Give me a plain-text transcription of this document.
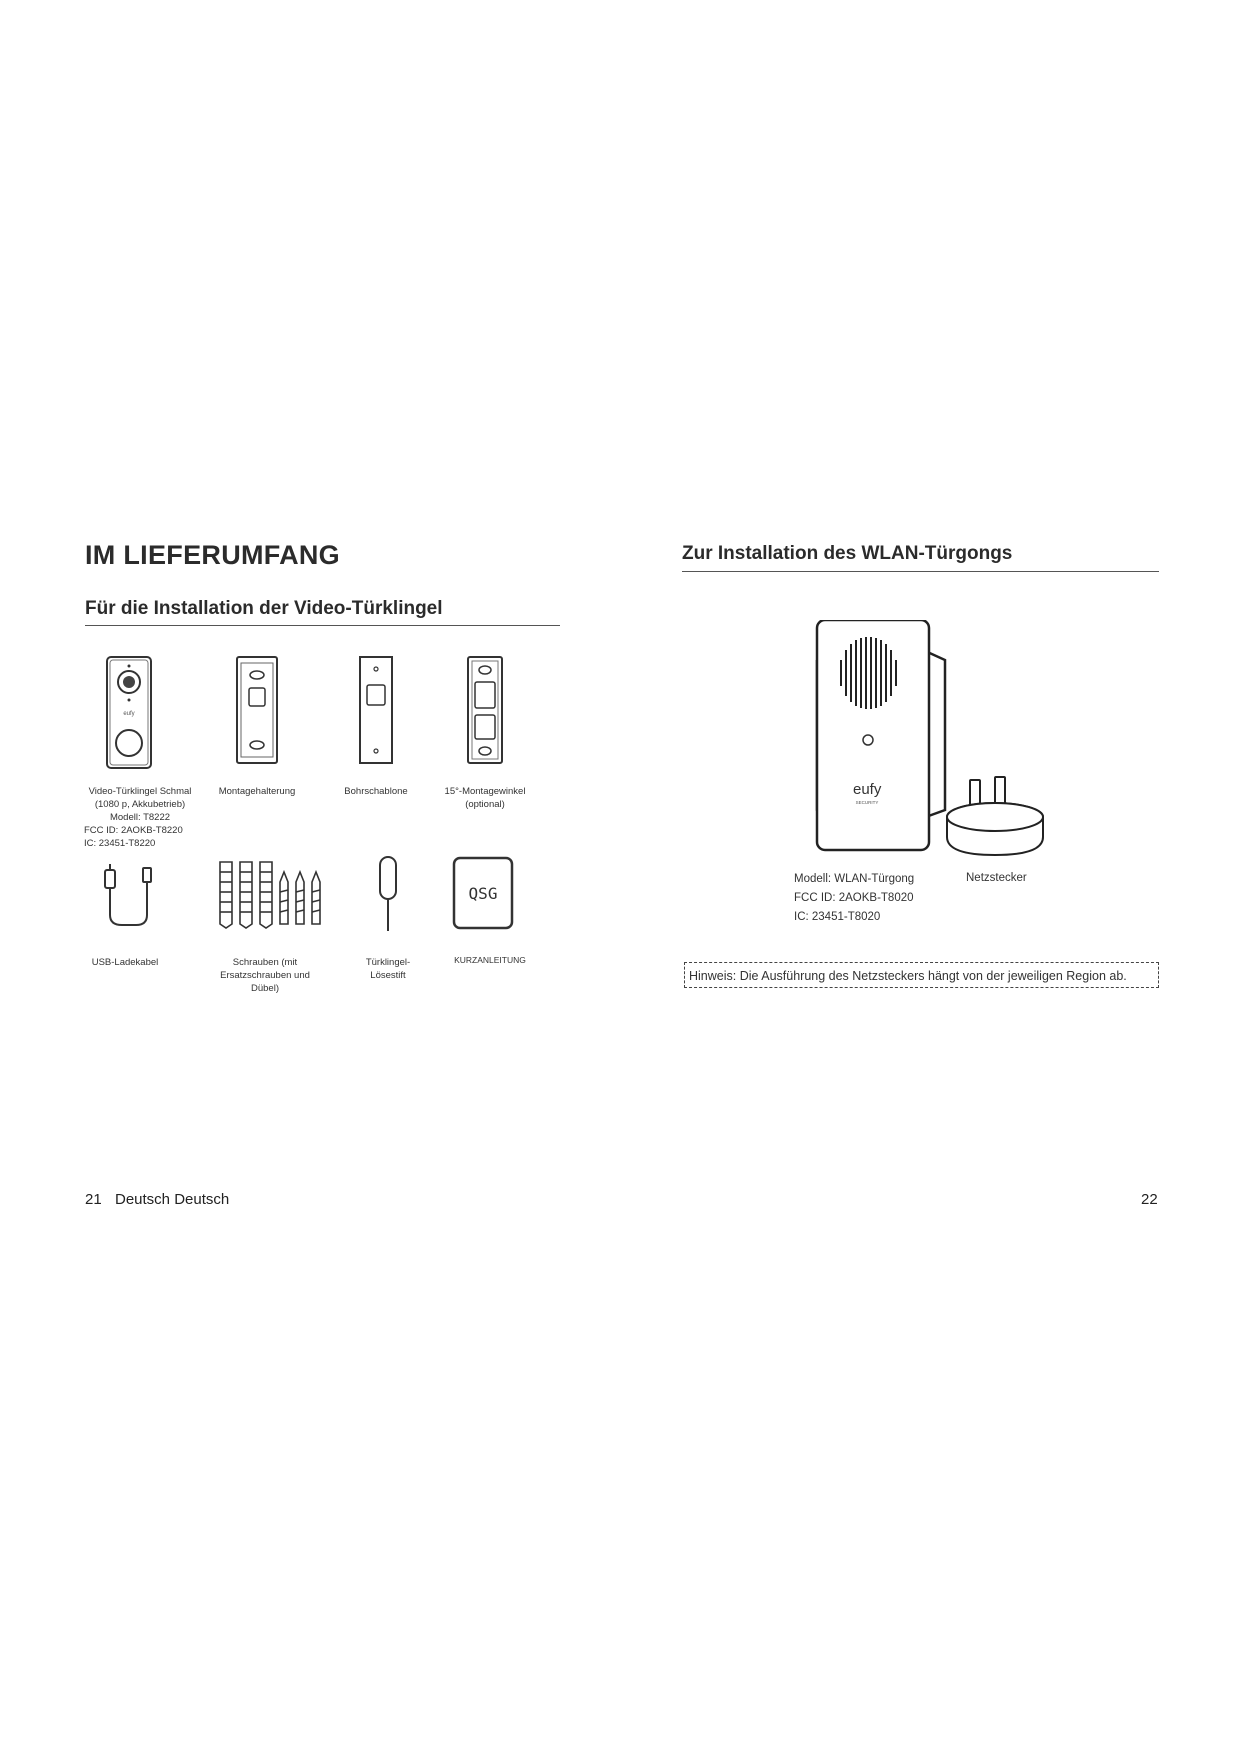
IM LIEFERUMFANG
Für die Installation der Video-Türklingel
eufy
Video-Türklingel Schmal
(1080 p, Akkubetrieb)
Modell: T8222
FCC ID: 2AOKB-T8220
IC: 23451-T8220
Montagehalterung	Bohrschablone	15°-Montagewinkel
(optional)
QSG
USB-Ladekabel	Schrauben (mit
Ersatzschrauben und
Dübel)
Türklingel-
Lösestift
KURZANLEITUNG
21 Deutsch Deutsch
Zur Installation des WLAN-Türgongs
eufy
SECURITY
Modell: WLAN-Türgong
FCC ID: 2AOKB-T8020
IC: 23451-T8020
Netzstecker
Hinweis: Die Ausführung des Netzsteckers hängt von der jeweiligen Region ab.
22
